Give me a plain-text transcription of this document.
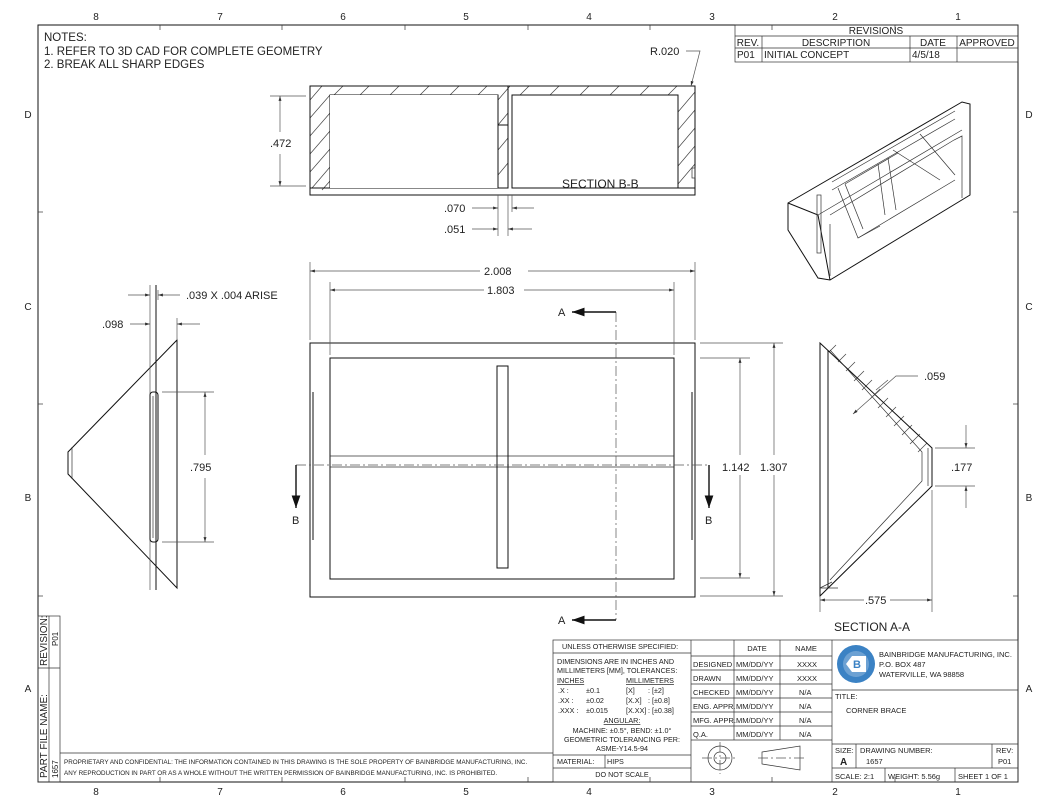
8	7	6	5	4	3	2	1
8	7	6	5	4	3	2	1
D
C
B
A
D
C
B
A
NOTES:
1. REFER TO 3D CAD FOR COMPLETE GEOMETRY
2. BREAK ALL SHARP EDGES
REVISIONS
REV.	DESCRIPTION	DATE APPROVED
P01 INITIAL CONCEPT	4/5/18
SECTION B-B
.472
R.020
.070
.051
.039 X .004 ARISE
.098
.795
2.008
1.803
1.142 1.307
A
A
B	B
.059
.177
.575
SECTION A-A
REVISION: P01
PART FILE NAME: 1657 PROPRIETARY AND CONFIDENTIAL: THE INFORMATION CONTAINED IN THIS DRAWING IS THE SOLE PROPERTY OF BAINBRIDGE MANUFACTURING, INC.
ANY REPRODUCTION IN PART OR AS A WHOLE WITHOUT THE WRITTEN PERMISSION OF BAINBRIDGE MANUFACTURING, INC. IS PROHIBITED.
UNLESS OTHERWISE SPECIFIED:
DIMENSIONS ARE IN INCHES AND
MILLIMETERS [MM], TOLERANCES:
INCHES	MILLIMETERS
.X : ±0.1	[X] : [±2]
.XX : ±0.02	[X.X] : [±0.8]
.XXX : ±0.015	[X.XX] : [±0.38]
ANGULAR:
MACHINE: ±0.5°, BEND: ±1.0°
GEOMETRIC TOLERANCING PER:
ASME-Y14.5-94
MATERIAL: HIPS
DO NOT SCALE
DATE	NAME
DESIGNED MM/DD/YY	XXXX
DRAWN MM/DD/YY	XXXX
CHECKED MM/DD/YY	N/A
ENG. APPR. MM/DD/YY	N/A
MFG. APPR. MM/DD/YY	N/A
Q.A.	MM/DD/YY	N/A
B
BAINBRIDGE MANUFACTURING, INC.
P.O. BOX 487
WATERVILLE, WA 98858
TITLE:
CORNER BRACE
SIZE:
A
DRAWING NUMBER:
1657
REV:
P01
SCALE: 2:1 WEIGHT: 5.56g SHEET 1 OF 1
